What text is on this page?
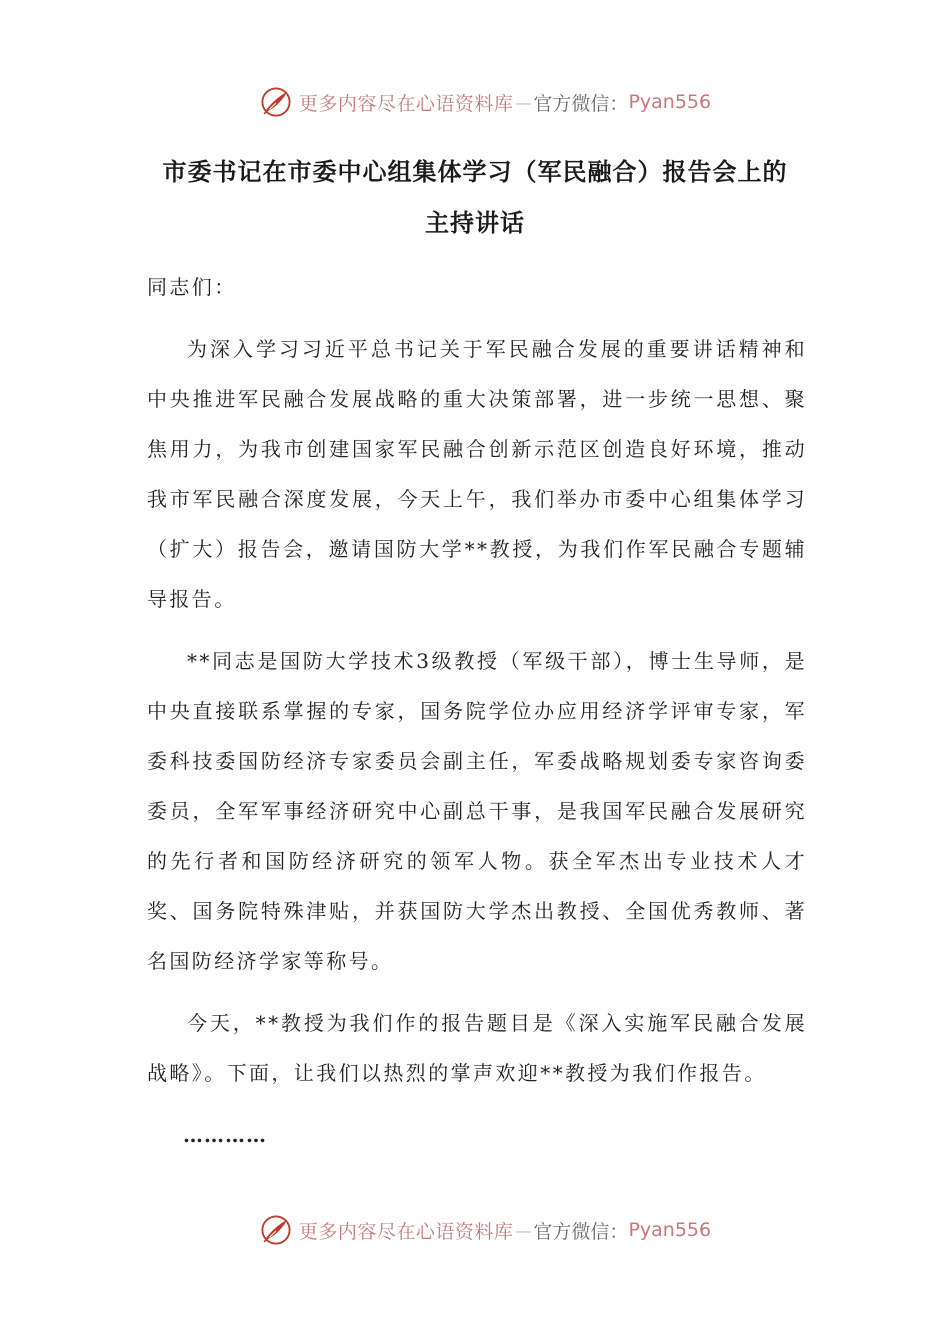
更多内容尽在心语资料库 — 官方微信： Pyan556
市委书记在市委中心组集体学习（军民融合）报告会上的
主持讲话

同志们：

为深入学习习近平总书记关于军民融合发展的重要讲话精神和中央推进军民融合发展战略的重大决策部署，进一步统一思想、聚焦用力，为我市创建国家军民融合创新示范区创造良好环境，推动我市军民融合深度发展，今天上午，我们举办市委中心组集体学习（扩大）报告会，邀请国防大学**教授，为我们作军民融合专题辅导报告。

**同志是国防大学技术3级教授（军级干部），博士生导师，是中央直接联系掌握的专家，国务院学位办应用经济学评审专家，军委科技委国防经济专家委员会副主任，军委战略规划委专家咨询委委员，全军军事经济研究中心副总干事，是我国军民融合发展研究的先行者和国防经济研究的领军人物。获全军杰出专业技术人才奖、国务院特殊津贴，并获国防大学杰出教授、全国优秀教师、著名国防经济学家等称号。

今天，**教授为我们作的报告题目是《深入实施军民融合发展战略》。下面，让我们以热烈的掌声欢迎**教授为我们作报告。

…………

更多内容尽在心语资料库 — 官方微信： Pyan556
